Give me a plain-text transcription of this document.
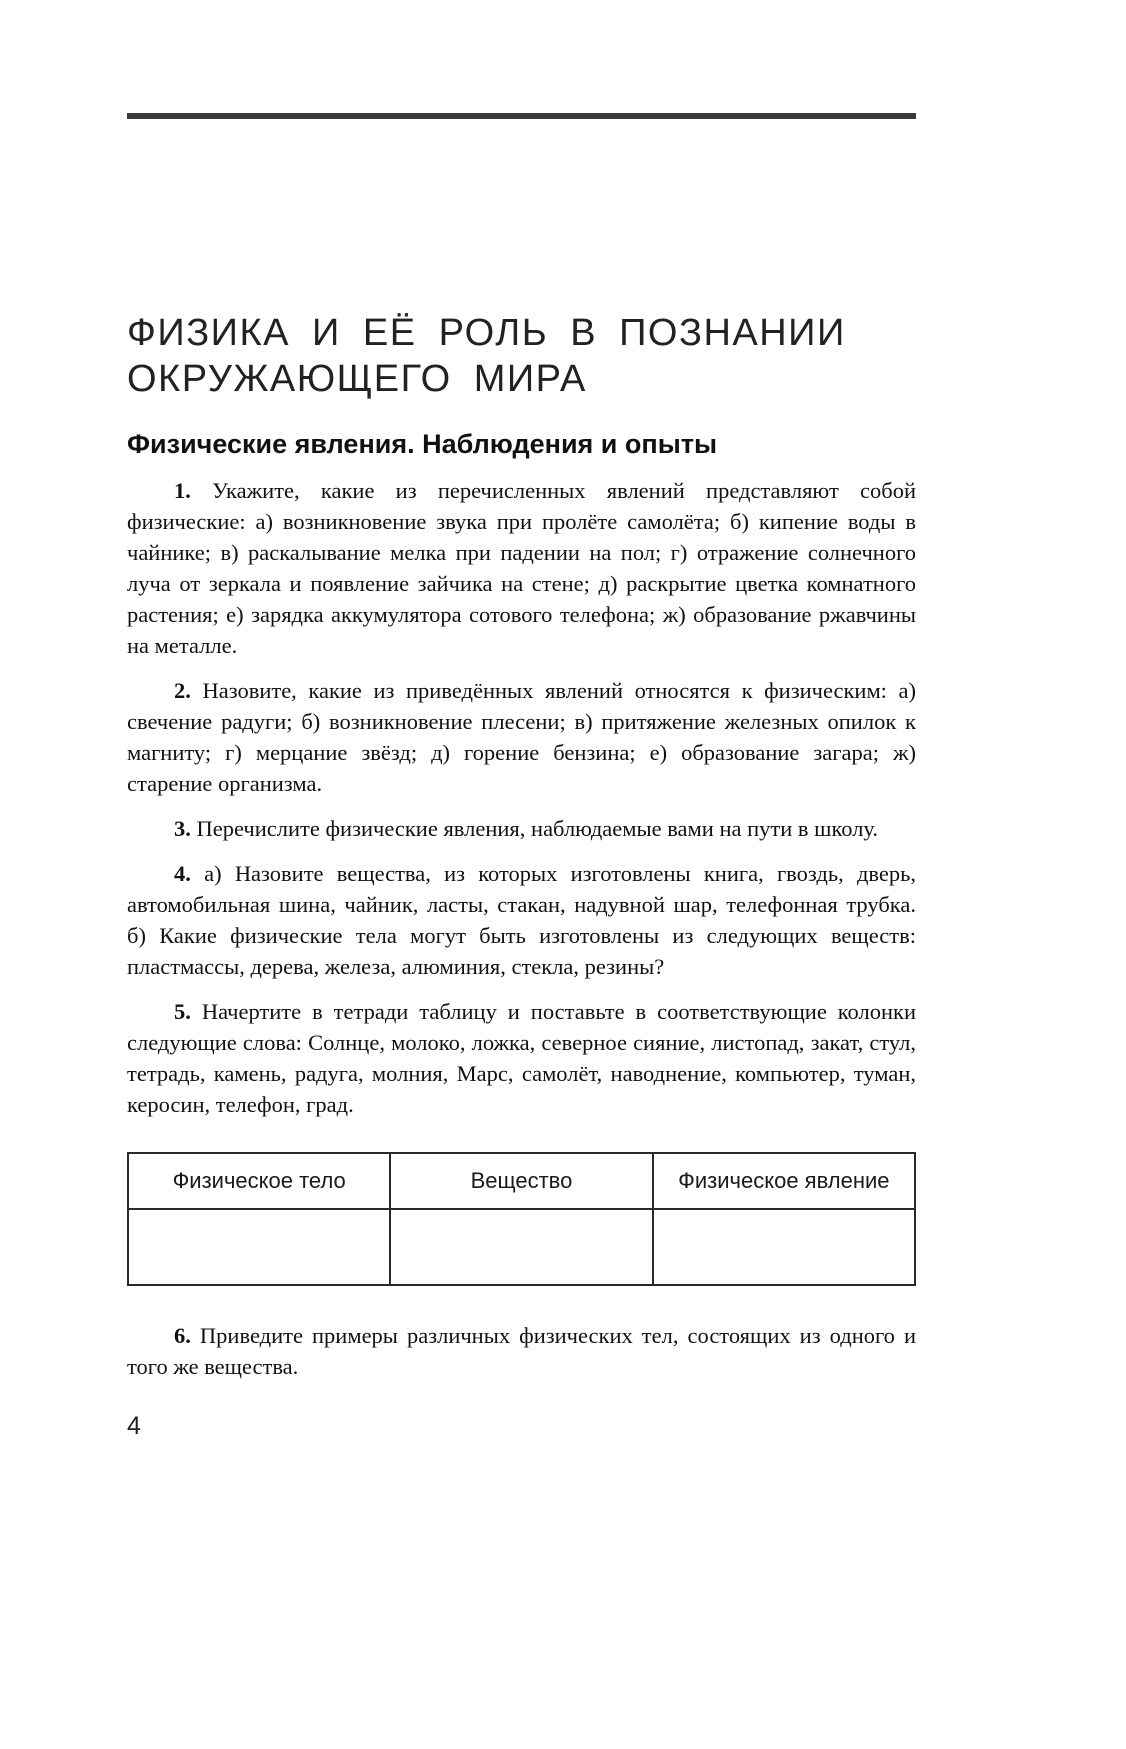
ФИЗИКА И ЕЁ РОЛЬ В ПОЗНАНИИ
ОКРУЖАЮЩЕГО МИРА
Физические явления. Наблюдения и опыты

1. Укажите, какие из перечисленных явлений представляют собой физические: а) возникновение звука при пролёте самолёта; б) кипение воды в чайнике; в) раскалывание мелка при падении на пол; г) отражение солнечного луча от зеркала и появление зайчика на стене; д) раскрытие цветка комнатного растения; е) зарядка аккумулятора сотового телефона; ж) образование ржавчины на металле.

2. Назовите, какие из приведённых явлений относятся к физическим: а) свечение радуги; б) возникновение плесени; в) притяжение железных опилок к магниту; г) мерцание звёзд; д) горение бензина; е) образование загара; ж) старение организма.

3. Перечислите физические явления, наблюдаемые вами на пути в школу.

4. а) Назовите вещества, из которых изготовлены книга, гвоздь, дверь, автомобильная шина, чайник, ласты, стакан, надувной шар, телефонная трубка. б) Какие физические тела могут быть изготовлены из следующих веществ: пластмассы, дерева, железа, алюминия, стекла, резины?

5. Начертите в тетради таблицу и поставьте в соответствующие колонки следующие слова: Солнце, молоко, ложка, северное сияние, листопад, закат, стул, тетрадь, камень, радуга, молния, Марс, самолёт, наводнение, компьютер, туман, керосин, телефон, град.

Физическое тело	Вещество	Физическое явление

6. Приведите примеры различных физических тел, состоящих из одного и того же вещества.

4
